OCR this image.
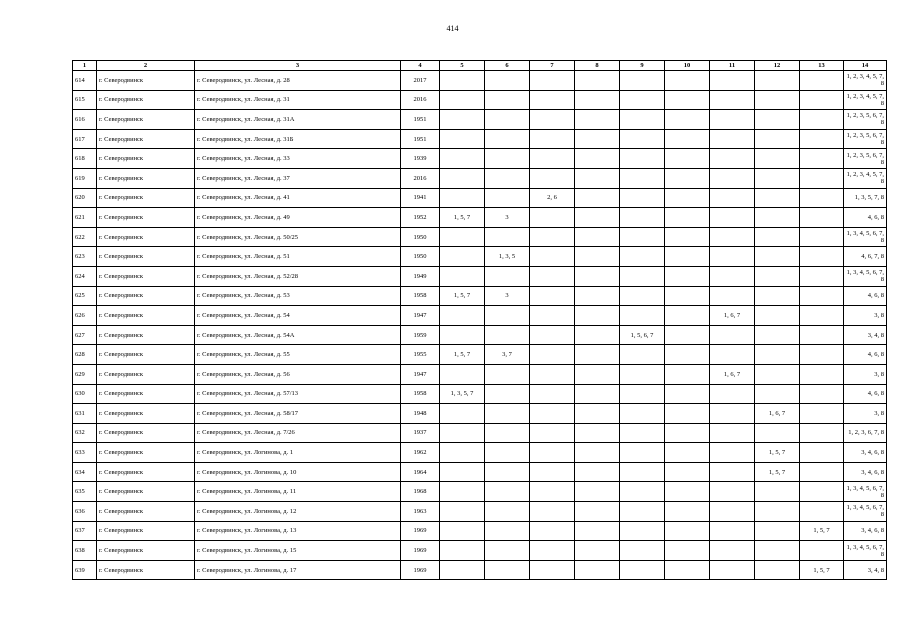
414
1	2	3	4	5	6	7	8	9	10	11	12	13	14
614	г. Северодвинск	г. Северодвинск, ул. Лесная, д. 28	2017										1, 2, 3, 4, 5, 7, 8
615	г. Северодвинск	г. Северодвинск, ул. Лесная, д. 31	2016										1, 2, 3, 4, 5, 7, 8
616	г. Северодвинск	г. Северодвинск, ул. Лесная, д. 31А	1951										1, 2, 3, 5, 6, 7, 8
617	г. Северодвинск	г. Северодвинск, ул. Лесная, д. 31Б	1951										1, 2, 3, 5, 6, 7, 8
618	г. Северодвинск	г. Северодвинск, ул. Лесная, д. 33	1939										1, 2, 3, 5, 6, 7, 8
619	г. Северодвинск	г. Северодвинск, ул. Лесная, д. 37	2016										1, 2, 3, 4, 5, 7, 8
620	г. Северодвинск	г. Северодвинск, ул. Лесная, д. 41	1941			2, 6							1, 3, 5, 7, 8
621	г. Северодвинск	г. Северодвинск, ул. Лесная, д. 49	1952	1, 5, 7	3								4, 6, 8
622	г. Северодвинск	г. Северодвинск, ул. Лесная, д. 50/25	1950										1, 3, 4, 5, 6, 7, 8
623	г. Северодвинск	г. Северодвинск, ул. Лесная, д. 51	1950		1, 3, 5								4, 6, 7, 8
624	г. Северодвинск	г. Северодвинск, ул. Лесная, д. 52/28	1949										1, 3, 4, 5, 6, 7, 8
625	г. Северодвинск	г. Северодвинск, ул. Лесная, д. 53	1958	1, 5, 7	3								4, 6, 8
626	г. Северодвинск	г. Северодвинск, ул. Лесная, д. 54	1947							1, 6, 7			3, 8
627	г. Северодвинск	г. Северодвинск, ул. Лесная, д. 54А	1959					1, 5, 6, 7					3, 4, 8
628	г. Северодвинск	г. Северодвинск, ул. Лесная, д. 55	1955	1, 5, 7	3, 7								4, 6, 8
629	г. Северодвинск	г. Северодвинск, ул. Лесная, д. 56	1947							1, 6, 7			3, 8
630	г. Северодвинск	г. Северодвинск, ул. Лесная, д. 57/13	1958	1, 3, 5, 7									4, 6, 8
631	г. Северодвинск	г. Северодвинск, ул. Лесная, д. 58/17	1948								1, 6, 7		3, 8
632	г. Северодвинск	г. Северодвинск, ул. Лесная, д. 7/26	1937										1, 2, 3, 6, 7, 8
633	г. Северодвинск	г. Северодвинск, ул. Логинова, д. 1	1962								1, 5, 7		3, 4, 6, 8
634	г. Северодвинск	г. Северодвинск, ул. Логинова, д. 10	1964								1, 5, 7		3, 4, 6, 8
635	г. Северодвинск	г. Северодвинск, ул. Логинова, д. 11	1968										1, 3, 4, 5, 6, 7, 8
636	г. Северодвинск	г. Северодвинск, ул. Логинова, д. 12	1963										1, 3, 4, 5, 6, 7, 8
637	г. Северодвинск	г. Северодвинск, ул. Логинова, д. 13	1969									1, 5, 7	3, 4, 6, 8
638	г. Северодвинск	г. Северодвинск, ул. Логинова, д. 15	1969										1, 3, 4, 5, 6, 7, 8
639	г. Северодвинск	г. Северодвинск, ул. Логинова, д. 17	1969									1, 5, 7	3, 4, 8
